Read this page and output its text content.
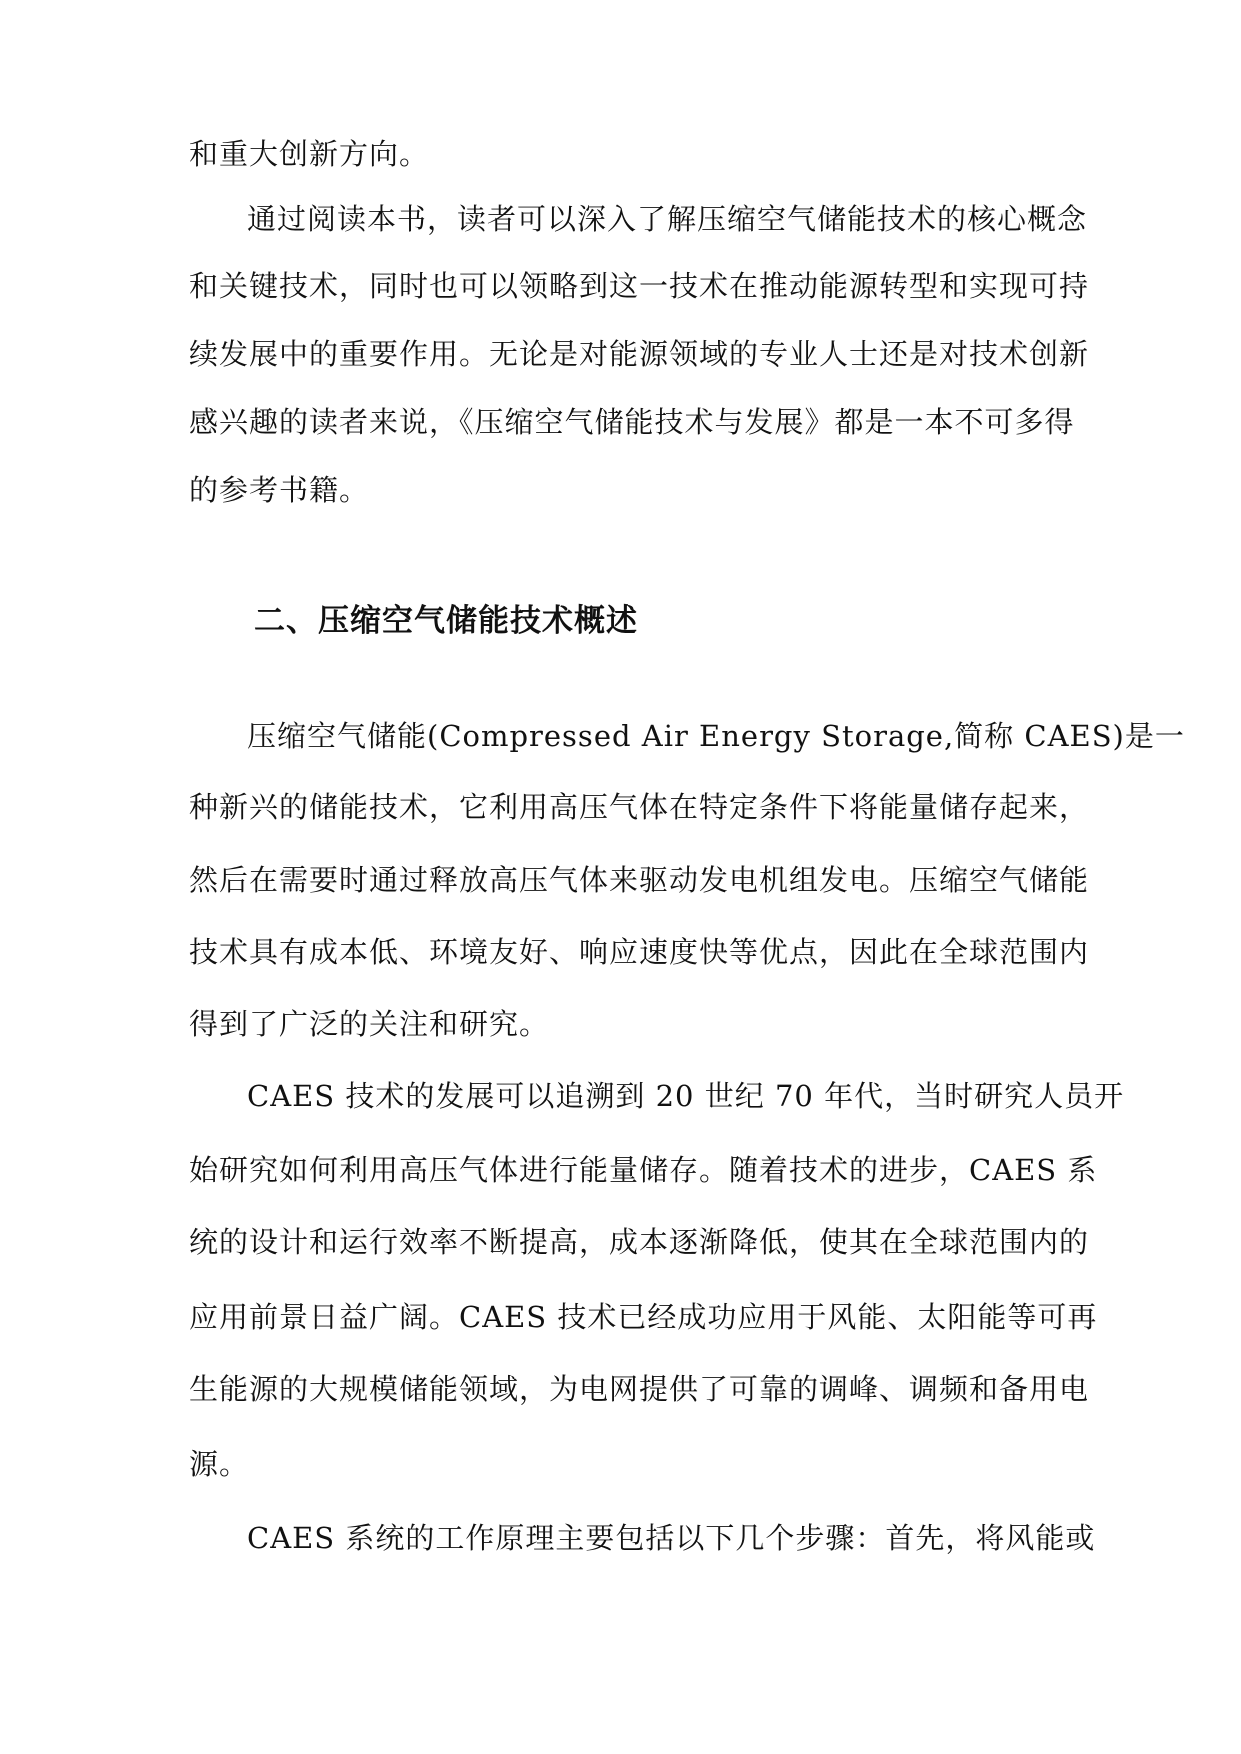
和重大创新方向。
通过阅读本书，读者可以深入了解压缩空气储能技术的核心概念
和关键技术，同时也可以领略到这一技术在推动能源转型和实现可持
续发展中的重要作用。无论是对能源领域的专业人士还是对技术创新
感兴趣的读者来说，《压缩空气储能技术与发展》都是一本不可多得
的参考书籍。
二、压缩空气储能技术概述
压缩空气储能(Compressed Air Energy Storage,简称 CAES)是一
种新兴的储能技术，它利用高压气体在特定条件下将能量储存起来，
然后在需要时通过释放高压气体来驱动发电机组发电。压缩空气储能
技术具有成本低、环境友好、响应速度快等优点，因此在全球范围内
得到了广泛的关注和研究。
CAES 技术的发展可以追溯到 20 世纪 70 年代，当时研究人员开
始研究如何利用高压气体进行能量储存。随着技术的进步，CAES 系
统的设计和运行效率不断提高，成本逐渐降低，使其在全球范围内的
应用前景日益广阔。CAES 技术已经成功应用于风能、太阳能等可再
生能源的大规模储能领域，为电网提供了可靠的调峰、调频和备用电
源。
CAES 系统的工作原理主要包括以下几个步骤：首先，将风能或
